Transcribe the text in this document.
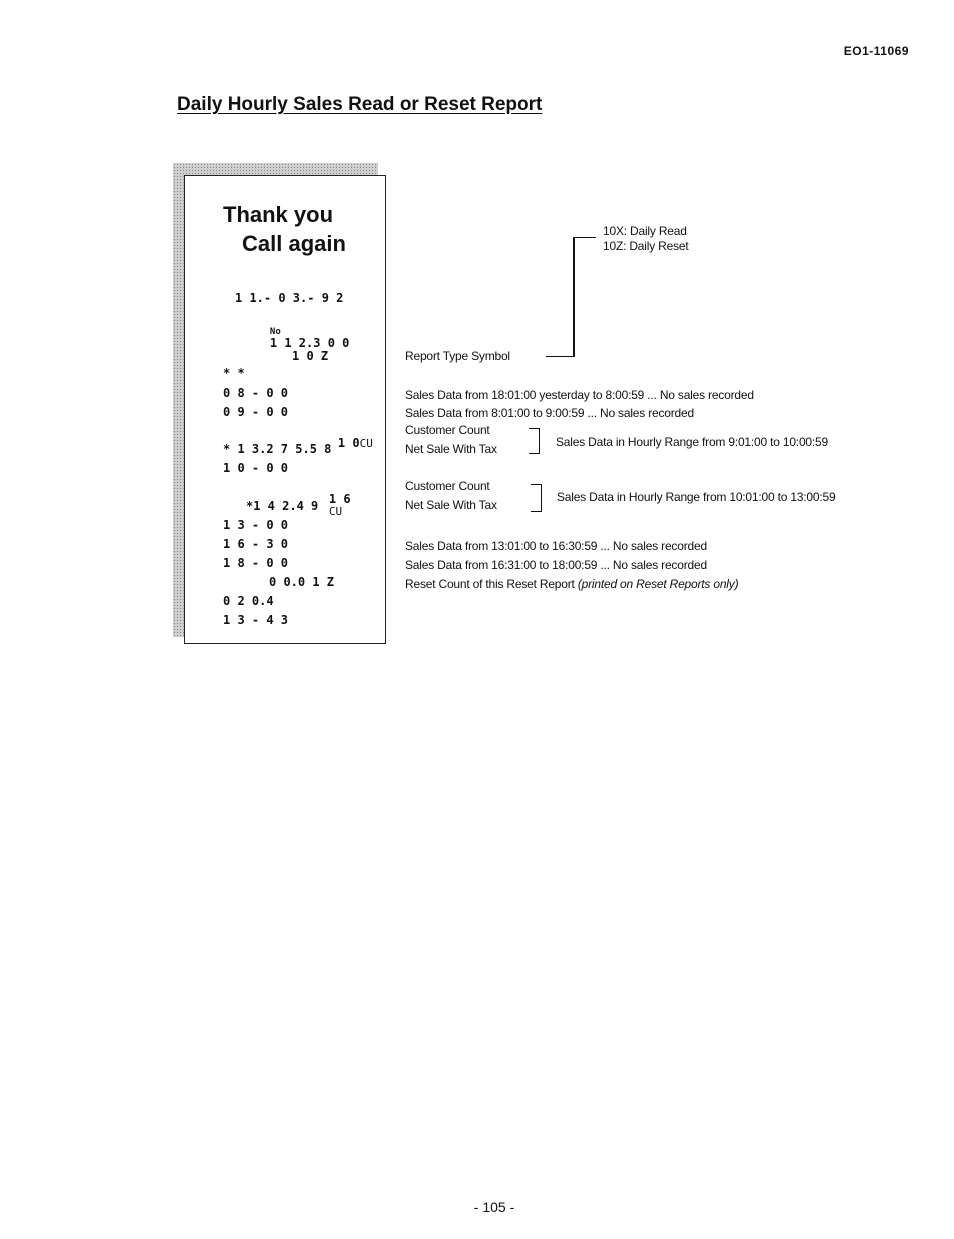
EO1-11069
Daily Hourly Sales Read or Reset Report
Thank you
Call again
1 1.- 0 3.- 9 2

No
1 1 2.3 0 0

1 0 Z
* *
0 8 - 0 0
0 9 - 0 0

1 0CU

* 1 3.2 7 5.5 8
1 0 - 0 0

1 6
CU

*1 4 2.4 9
1 3 - 0 0
1 6 - 3 0
1 8 - 0 0
0 0.0 1 Z
0 2 0.4
1 3 - 4 3
10X: Daily Read
10Z: Daily Reset
Report Type Symbol
Sales Data from 18:01:00 yesterday to 8:00:59 ... No sales recorded
Sales Data from 8:01:00 to 9:00:59 ... No sales recorded
Customer Count
Net Sale With Tax	Sales Data in Hourly Range from 9:01:00 to 10:00:59
Customer Count
Net Sale With Tax
Sales Data in Hourly Range from 10:01:00 to 13:00:59
Sales Data from 13:01:00 to 16:30:59 ... No sales recorded
Sales Data from 16:31:00 to 18:00:59 ... No sales recorded
Reset Count of this Reset Report (printed on Reset Reports only)
- 105 -
